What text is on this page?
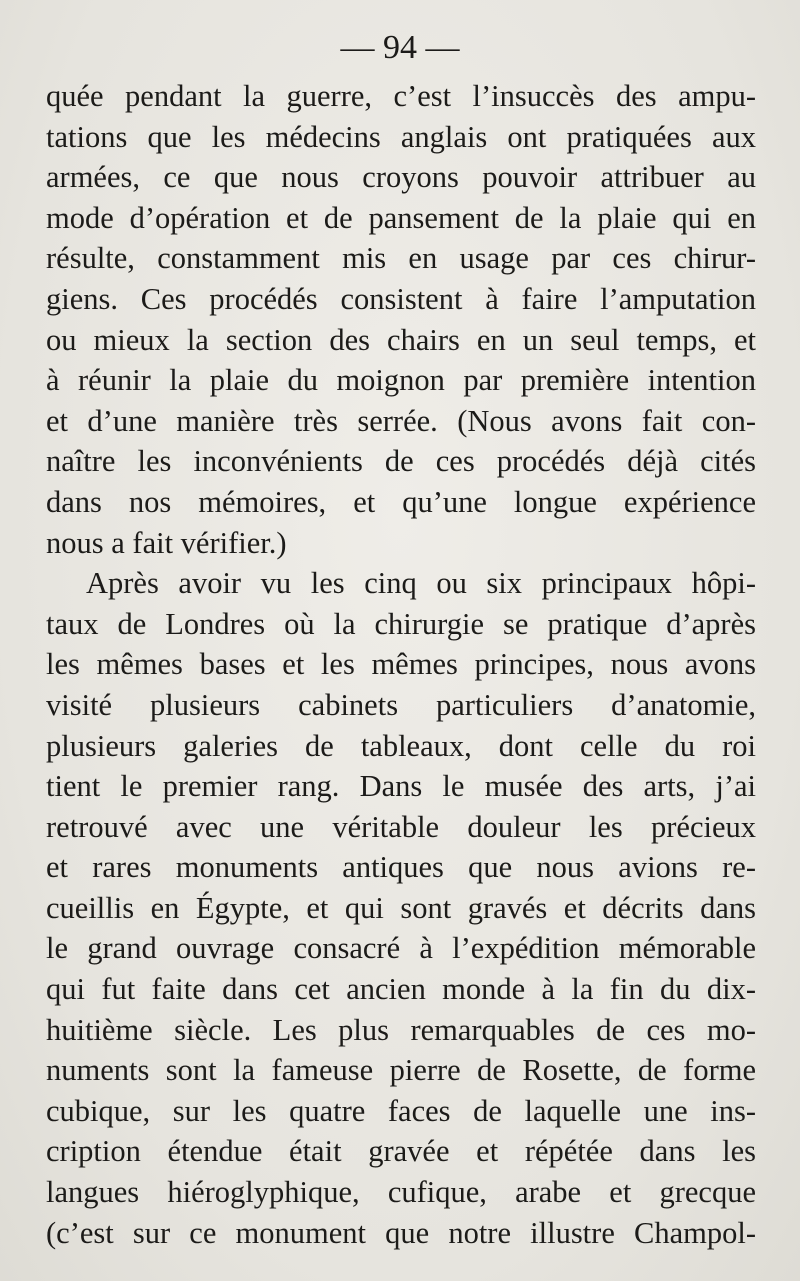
— 94 —
quée pendant la guerre, c’est l’insuccès des ampu-
tations que les médecins anglais ont pratiquées aux
armées, ce que nous croyons pouvoir attribuer au
mode d’opération et de pansement de la plaie qui en
résulte, constamment mis en usage par ces chirur-
giens. Ces procédés consistent à faire l’amputation
ou mieux la section des chairs en un seul temps, et
à réunir la plaie du moignon par première intention
et d’une manière très serrée. (Nous avons fait con-
naître les inconvénients de ces procédés déjà cités
dans nos mémoires, et qu’une longue expérience
nous a fait vérifier.)
Après avoir vu les cinq ou six principaux hôpi-
taux de Londres où la chirurgie se pratique d’après
les mêmes bases et les mêmes principes, nous avons
visité plusieurs cabinets particuliers d’anatomie,
plusieurs galeries de tableaux, dont celle du roi
tient le premier rang. Dans le musée des arts, j’ai
retrouvé avec une véritable douleur les précieux
et rares monuments antiques que nous avions re-
cueillis en Égypte, et qui sont gravés et décrits dans
le grand ouvrage consacré à l’expédition mémorable
qui fut faite dans cet ancien monde à la fin du dix-
huitième siècle. Les plus remarquables de ces mo-
numents sont la fameuse pierre de Rosette, de forme
cubique, sur les quatre faces de laquelle une ins-
cription étendue était gravée et répétée dans les
langues hiéroglyphique, cufique, arabe et grecque
(c’est sur ce monument que notre illustre Champol-
